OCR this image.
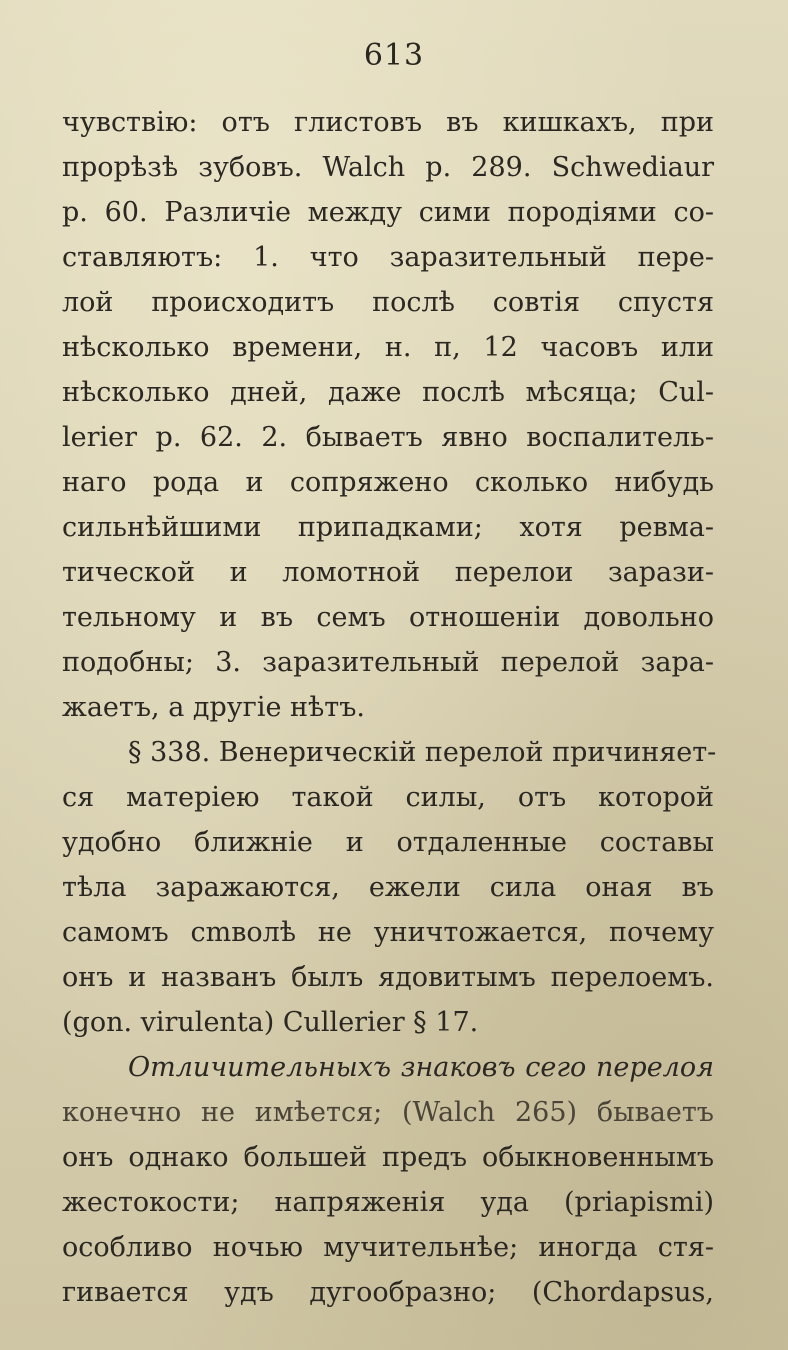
613
чувствію: отъ глистовъ въ кишкахъ, при
прорѣзѣ зубовъ. Walch p. 289. Schwediaur
p. 60. Различіе между сими породіями со-
ставляютъ: 1. что заразительный пере-
лой происходитъ послѣ совтія спустя
нѣсколько времени, н. п, 12 часовъ или
нѣсколько дней, даже послѣ мѣсяца; Cul-
lerier p. 62. 2. бываетъ явно воспалитель-
наго рода и сопряжено сколько нибудь
сильнѣйшими припадками; хотя ревма-
тической и ломотной перелои зарази-
тельному и въ семъ отношеніи довольно
подобны; 3. заразительный перелой зара-
жаетъ, а другіе нѣтъ.
§ 338. Венерическій перелой причиняет-
ся матеріею такой силы, отъ которой
удобно ближніе и отдаленные составы
тѣла заражаются, ежели сила оная въ
самомъ cmволѣ не уничтожается, почему
онъ и названъ былъ ядовитымъ перелоемъ.
(gon. virulenta) Cullerier § 17.
Отличительныхъ знаковъ сего перелоя
конечно не имѣется; (Walch 265) бываетъ
онъ однако большей предъ обыкновеннымъ
жестокости; напряженія уда (priapismi)
особливо ночью мучительнѣе; иногда стя-
гивается удъ дугообразно; (Chordapsus,
